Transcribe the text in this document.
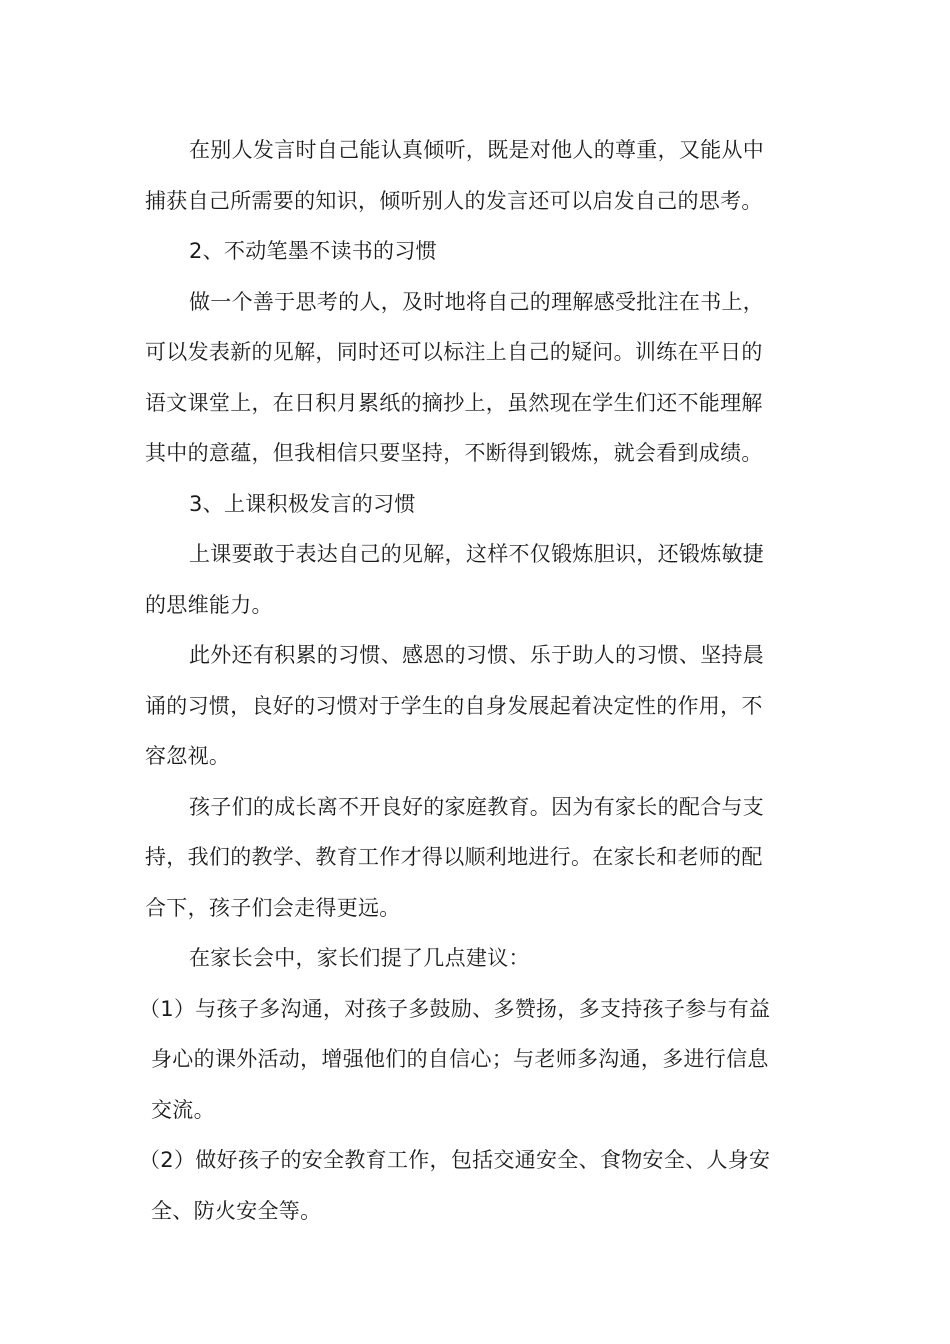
在别人发言时自己能认真倾听，既是对他人的尊重，又能从中
捕获自己所需要的知识，倾听别人的发言还可以启发自己的思考。

2、不动笔墨不读书的习惯

做一个善于思考的人，及时地将自己的理解感受批注在书上，
可以发表新的见解，同时还可以标注上自己的疑问。训练在平日的
语文课堂上，在日积月累纸的摘抄上，虽然现在学生们还不能理解
其中的意蕴，但我相信只要坚持，不断得到锻炼，就会看到成绩。

3、上课积极发言的习惯

上课要敢于表达自己的见解，这样不仅锻炼胆识，还锻炼敏捷
的思维能力。

此外还有积累的习惯、感恩的习惯、乐于助人的习惯、坚持晨
诵的习惯，良好的习惯对于学生的自身发展起着决定性的作用，不
容忽视。

孩子们的成长离不开良好的家庭教育。因为有家长的配合与支
持，我们的教学、教育工作才得以顺利地进行。在家长和老师的配
合下，孩子们会走得更远。

在家长会中，家长们提了几点建议：

（1）与孩子多沟通，对孩子多鼓励、多赞扬，多支持孩子参与有益
身心的课外活动，增强他们的自信心；与老师多沟通，多进行信息
交流。

（2）做好孩子的安全教育工作，包括交通安全、食物安全、人身安
全、防火安全等。
